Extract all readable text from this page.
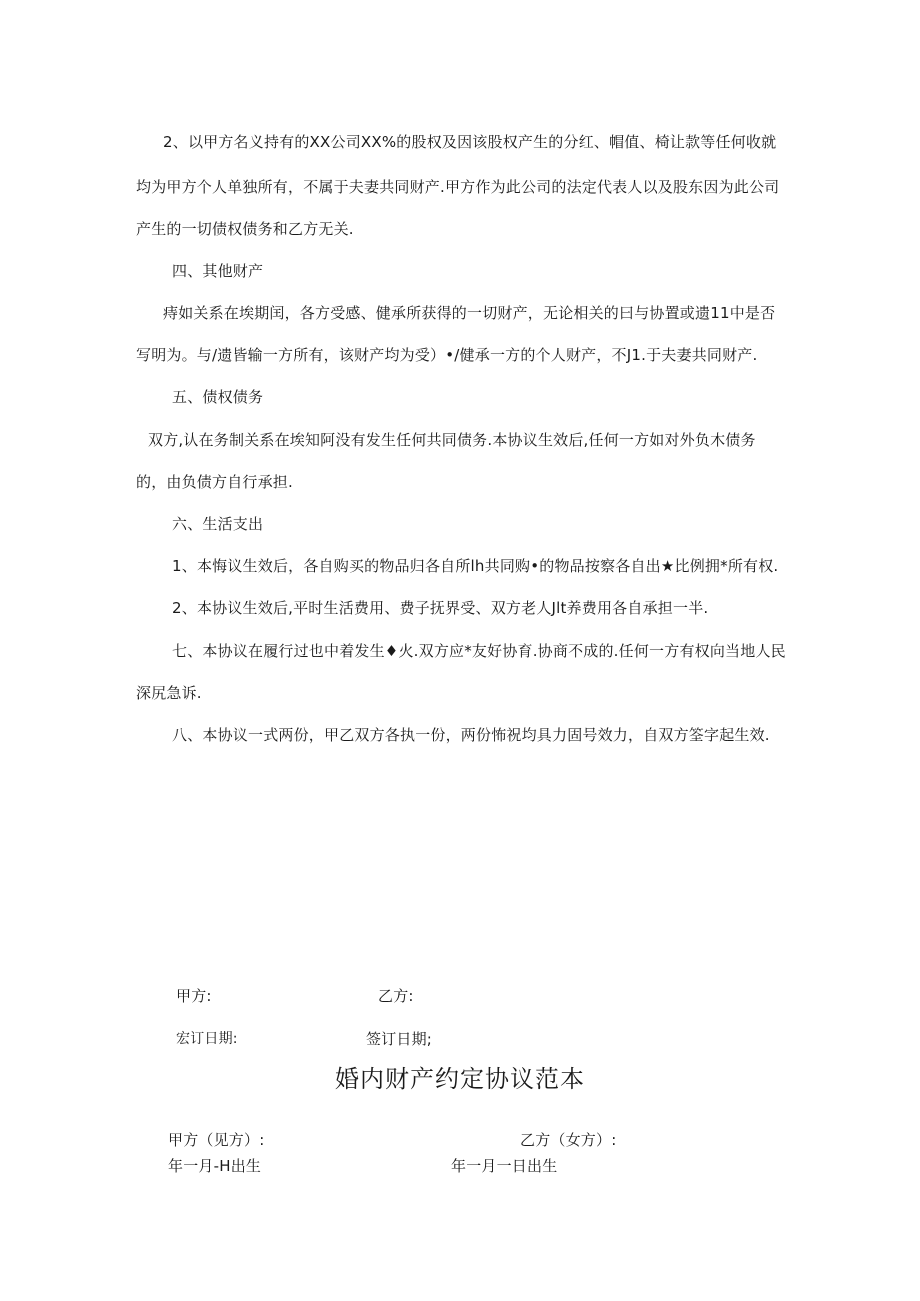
2、以甲方名义持有的XX公司XX%的股权及因该股权产生的分红、帽值、椅让款等任何收就
均为甲方个人单独所有，不属于夫妻共同财产.甲方作为此公司的法定代表人以及股东因为此公司
产生的一切债权债务和乙方无关.
四、其他财产
痔如关系在埃期闰，各方受感、健承所获得的一切财产，无论相关的曰与协置或遗11中是否
写明为。与/遗皆输一方所有，该财产均为受）•/健承一方的个人财产，不J1.于夫妻共同财产.
五、债权债务
双方,认在务制关系在埃知阿没有发生任何共同债务.本协议生效后,任何一方如对外负木债务
的，由负债方自行承担.
六、生活支出
1、本悔议生效后，各自购买的物品归各自所lh共同购•的物品按察各自出★比例拥*所有权.
2、本协议生效后,平时生活费用、费子抚界受、双方老人Jlt养费用各自承担一半.
七、本协议在履行过也中着发生♦火.双方应*友好协育.协商不成的.任何一方有权向当地人民
深尻急诉.
八、本协议一式两份，甲乙双方各执一份，两份怖祝均具力固号效力，自双方筌字起生效.
甲方:	乙方:
宏订日期:	签订日期;
婚内财产约定协议范本
甲方（见方）:	乙方（女方）:
年一月-H出生	年一月一日出生
